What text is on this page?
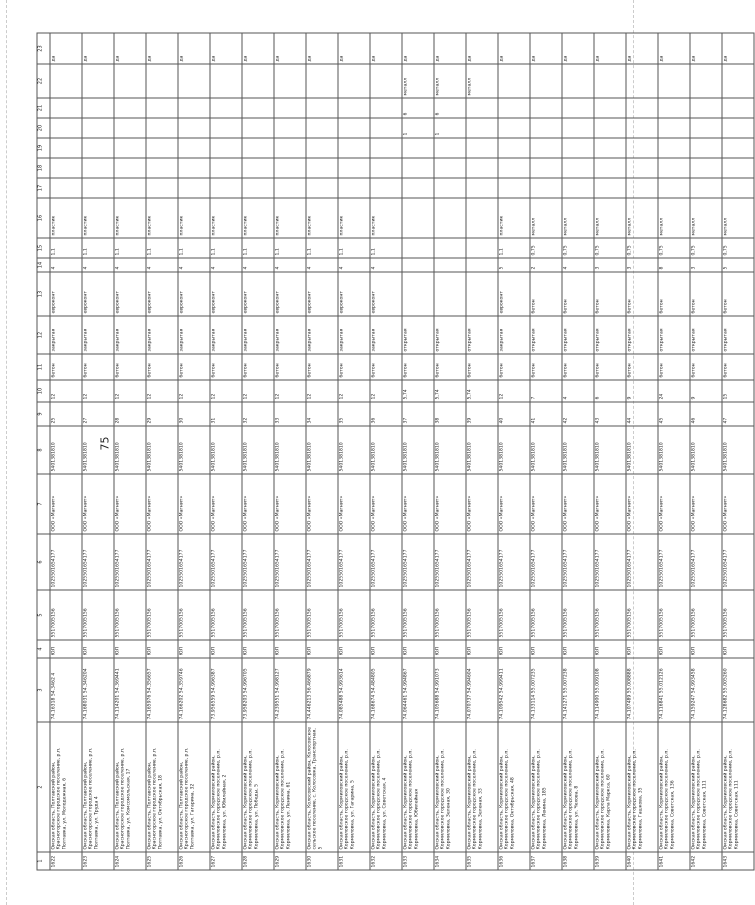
75
1	2	3	4	5	6	7	8	9	10	11	12	13	14	15	16	17	18	19	20	21	22	23
1622	Омская область, Полтавский район, Красногорское городское поселение, р.п. Полтавка, ул. Молодежная, 6	74.16318 54.3462 4	ЮЛ	5517005156	1025501654177	ООО «Магнит»	5401381810	25	12	бетон	закрытая	евроконт	4	1,1	пластик							да
1623	Омская область, Полтавский район, Красногорское городское поселение, р.п. Полтавка, ул. Труда 4	74.168031 54.346204	ЮЛ	5517005156	1025501654177	ООО «Магнит»	5401381810	27	12	бетон	закрытая	евроконт	4	1,1	пластик							да
1624	Омская область, Полтавский район, Красногорское городское поселение, р.п. Полтавка, ул. Комсомольская, 17	74.114201 54.369441	ЮЛ	5517005156	1025501654177	ООО «Магнит»	5401381810	28	12	бетон	закрытая	евроконт	4	1,1	пластик							да
1625	Омская область, Полтавский район, Красногорское городское поселение, р.п. Полтавка, ул. Октябрьская, 18	74.165976 54.356657	ЮЛ	5517005156	1025501654177	ООО «Магнит»	5401381810	29	12	бетон	закрытая	евроконт	4	1,1	пластик							да
1626	Омская область, Полтавский район, Красногорское городское поселение, р.п. Полтавка, ул. Гагарина, 32	74.166202 54.359746	ЮЛ	5517005156	1025501654177	ООО «Магнит»	5401381810	30	12	бетон	закрытая	евроконт	4	1,1	пластик							да
1627	Омская область, Кормиловский район, Кормиловское городское поселение, р.п. Кормиловка, ул. Юбилейная, 2	73.956559 54.996387	ЮЛ	5517005156	1025501654177	ООО «Магнит»	5401381810	31	12	бетон	закрытая	евроконт	4	1,1	пластик							да
1628	Омская область, Кормиловский район, Кормиловское городское поселение, р.п. Кормиловка, ул. Победы, 5	73.958203 54.996705	ЮЛ	5517005156	1025501654177	ООО «Магнит»	5401381810	32	12	бетон	закрытая	евроконт	4	1,1	пластик							да
1629	Омская область, Кормиловский район, Кормиловское городское поселение, р.п. Кормиловка, ул. Ленина, 61	74.239551 54.998127	ЮЛ	5517005156	1025501654177	ООО «Магнит»	5401381810	33	12	бетон	закрытая	евроконт	4	1,1	пластик							да
1630	Омская область, Колосовский район, Колосовское сельское поселение, с. Колосовка, Транспортная, 5	74.446213 56.466879	ЮЛ	5517005156	1025501654177	ООО «Магнит»	5401381810	34	12	бетон	закрытая	евроконт	4	1,1	пластик							да
1631	Омская область, Кормиловский район, Кормиловское городское поселение, р.п. Кормиловка, ул. Гагарина, 5	74.085488 54.993614	ЮЛ	5517005156	1025501654177	ООО «Магнит»	5401381810	35	12	бетон	закрытая	евроконт	4	1,1	пластик							да
1632	Омская область, Кормиловский район, Кормиловское городское поселение, р.п. Кормиловка, ул. Советская, 4	74.168674 54.484805	ЮЛ	5517005156	1025501654177	ООО «Магнит»	5401381810	36	12	бетон	закрытая	евроконт	4	1,1	пластик							да
1633	Омская область, Кормиловский район, Кормиловское городское поселение, р.п. Кормиловка, Юбилейная	74.064461 54.994867	ЮЛ	5517005156	1025501654177	ООО «Магнит»	5401381810	37	5,74	бетон	открытая								1	6	металл	да
1634	Омская область, Кормиловский район, Кормиловское городское поселение, р.п. Кормиловка, Зеленая, 30	74.105688 54.991073	ЮЛ	5517005156	1025501654177	ООО «Магнит»	5401381810	38	5,74	бетон	открытая								1	6	металл	да
1635	Омская область, Кормиловский район, Кормиловское городское поселение, р.п. Кормиловка, Зеленая, 33	74.070737 54.994604	ЮЛ	5517005156	1025501654177	ООО «Магнит»	5401381810	39	5,74	бетон	открытая										металл	да
1636	Омская область, Кормиловский район, Кормиловское городское поселение, р.п. Кормиловка, Октябрьская, 48	74.109542 54.999411	ЮЛ	5517005156	1025501654177	ООО «Магнит»	5401381810	40	12	бетон	закрытая	евроконт	5	1,1	пластик							да
1637	Омская область, Кормиловский район, Кормиловское городское поселение, р.п. Кормиловка, Ленина, 185	74.133114 55.007235	ЮЛ	5517005156	1025501654177	ООО «Магнит»	5401381810	41	7	бетон	открытая	бетон	2	0,75	металл							да
1638	Омская область, Кормиловский район, Кормиловское городское поселение, р.п. Кормиловка, ул. Чехова, 8	74.141271 55.007238	ЮЛ	5517005156	1025501654177	ООО «Магнит»	5401381810	42	4	бетон	открытая	бетон	4	0,75	металл							да
1639	Омская область, Кормиловский район, Кормиловское городское поселение, р.п. Кормиловка, Карла Маркса, 60	74.114900 55.009108	ЮЛ	5517005156	1025501654177	ООО «Магнит»	5401381810	43	6	бетон	открытая	бетон	3	0,75	металл							да
1640	Омская область, Кормиловский район, Кормиловское городское поселение, р.п. Кормиловка, Гашкова, 35	74.107489 55.008888	ЮЛ	5517005156	1025501654177	ООО «Магнит»	5401381810	44	9	бетон	открытая	бетон	3	0,75	металл							да
1641	Омская область, Кормиловский район, Кормиловское городское поселение, р.п. Кормиловка, Советская, 136	74.116841 55.012126	ЮЛ	5517005156	1025501654177	ООО «Магнит»	5401381810	45	24	бетон	открытая	бетон	8	0,75	металл							да
1642	Омская область, Кормиловский район, Кормиловское городское поселение, р.п. Кормиловка, Советская, 111	74.159247 54.993458	ЮЛ	5517005156	1025501654177	ООО «Магнит»	5401381810	46	9	бетон	открытая	бетон	3	0,75	металл							да
1643	Омская область, Кормиловский район, Кормиловское городское поселение, р.п. Кормиловка, Советская, 111	74.128682 55.005260	ЮЛ	5517005156	1025501654177	ООО «Магнит»	5401381810	47	15	бетон	открытая	бетон	5	0,75	металл							да
